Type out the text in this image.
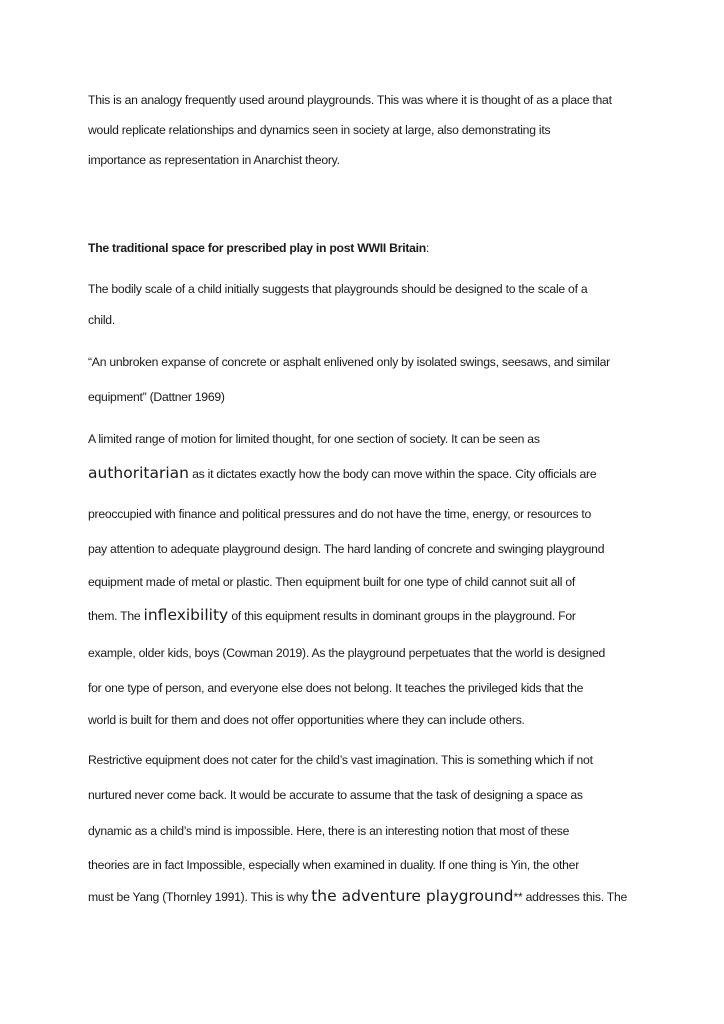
This is an analogy frequently used around playgrounds. This was where it is thought of as a place that
would replicate relationships and dynamics seen in society at large, also demonstrating its
importance as representation in Anarchist theory.
The traditional space for prescribed play in post WWII Britain:
The bodily scale of a child initially suggests that playgrounds should be designed to the scale of a
child.
“An unbroken expanse of concrete or asphalt enlivened only by isolated swings, seesaws, and similar
equipment” (Dattner 1969)
A limited range of motion for limited thought, for one section of society. It can be seen as
authoritarian as it dictates exactly how the body can move within the space. City officials are
preoccupied with finance and political pressures and do not have the time, energy, or resources to
pay attention to adequate playground design. The hard landing of concrete and swinging playground
equipment made of metal or plastic. Then equipment built for one type of child cannot suit all of
them. The inflexibility of this equipment results in dominant groups in the playground. For
example, older kids, boys (Cowman 2019). As the playground perpetuates that the world is designed
for one type of person, and everyone else does not belong. It teaches the privileged kids that the
world is built for them and does not offer opportunities where they can include others.
Restrictive equipment does not cater for the child’s vast imagination. This is something which if not
nurtured never come back. It would be accurate to assume that the task of designing a space as
dynamic as a child’s mind is impossible. Here, there is an interesting notion that most of these
theories are in fact Impossible, especially when examined in duality. If one thing is Yin, the other
must be Yang (Thornley 1991). This is why the adventure playground** addresses this. The
